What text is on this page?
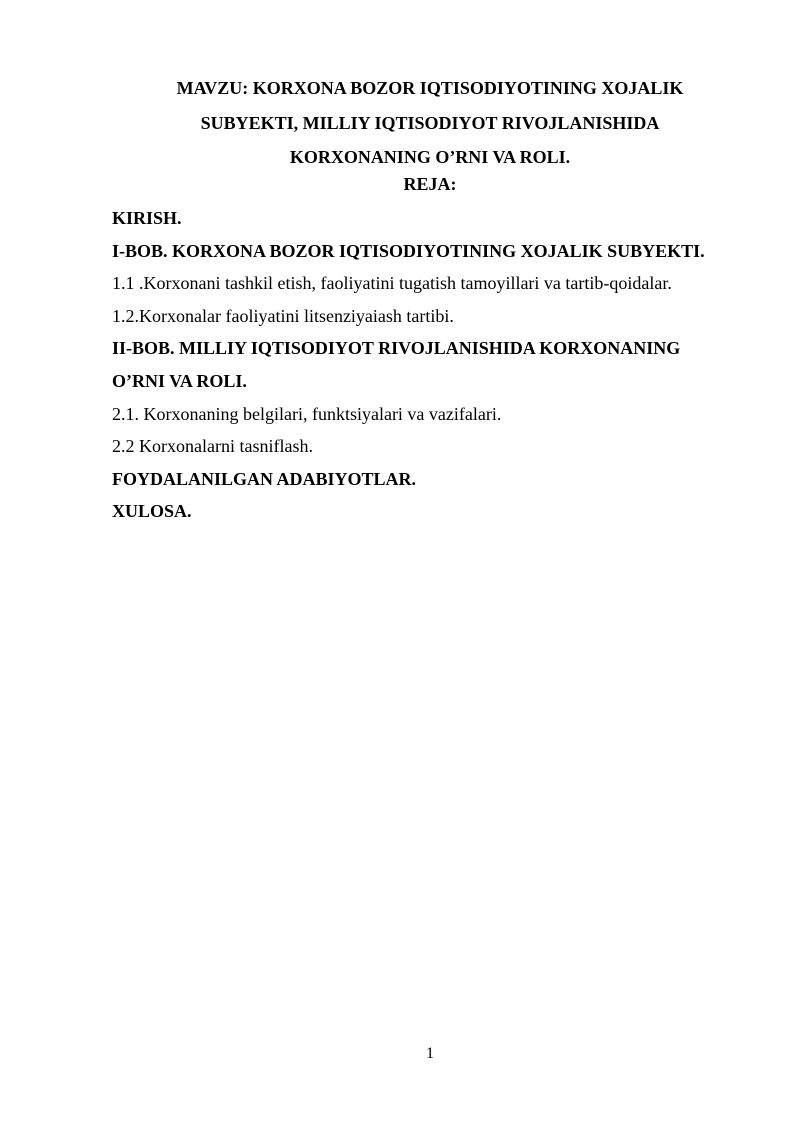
MAVZU: KORXONA BOZOR IQTISODIYOTINING XOJALIK
SUBYEKTI, MILLIY IQTISODIYOT RIVOJLANISHIDA
KORXONANING O’RNI VA ROLI.
REJA:
KIRISH.
I-BOB. KORXONA BOZOR IQTISODIYOTINING XOJALIK SUBYEKTI.
1.1 .Korxonani tashkil etish, faoliyatini tugatish tamoyillari va tartib-qoidalar.
1.2.Korxonalar faoliyatini litsenziyaiash tartibi.
II-BOB. MILLIY IQTISODIYOT RIVOJLANISHIDA KORXONANING
O’RNI VA ROLI.
2.1. Korxonaning belgilari, funktsiyalari va vazifalari.
2.2 Korxonalarni tasniflash.
FOYDALANILGAN ADABIYOTLAR.
XULOSA.
1
